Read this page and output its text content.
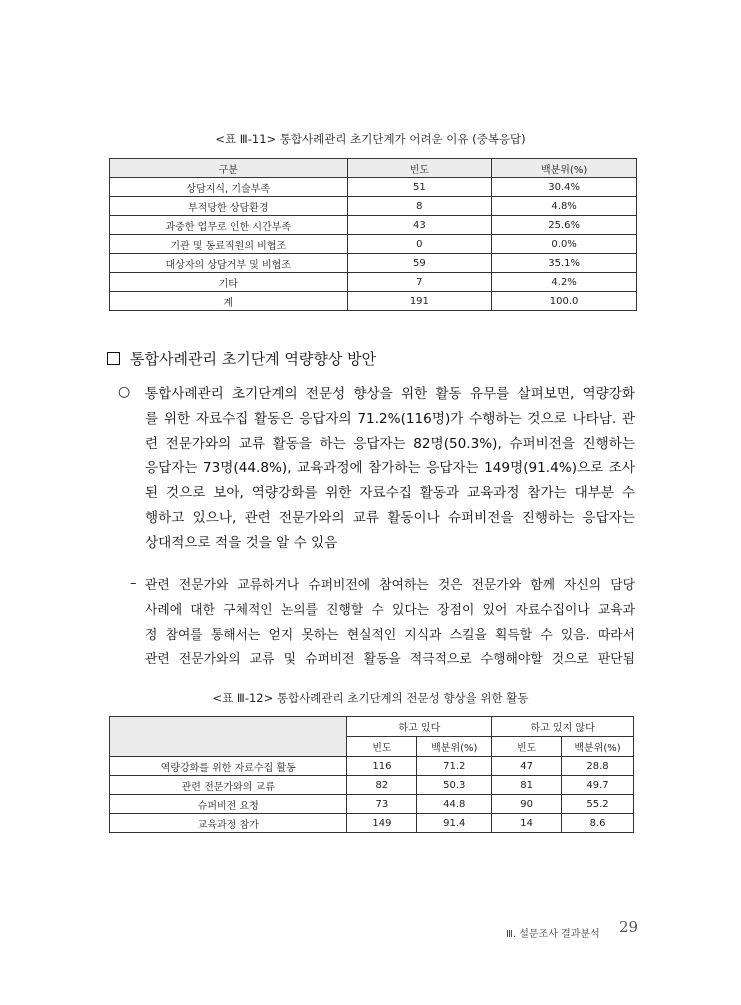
<표 Ⅲ-11> 통합사례관리 초기단계가 어려운 이유 (중복응답)
구분	빈도	백분위(%)
상담지식, 기술부족	51	30.4%
부적당한 상담환경	8	4.8%
과중한 업무로 인한 시간부족	43	25.6%
기관 및 동료직원의 비협조	0	0.0%
대상자의 상담거부 및 비협조	59	35.1%
기타	7	4.2%
계	191	100.0
통합사례관리 초기단계 역량향상 방안
○ 통합사례관리 초기단계의 전문성 향상을 위한 활동 유무를 살펴보면, 역량강화
를 위한 자료수집 활동은 응답자의 71.2%(116명)가 수행하는 것으로 나타남. 관
련 전문가와의 교류 활동을 하는 응답자는 82명(50.3%), 슈퍼비전을 진행하는
응답자는 73명(44.8%), 교육과정에 참가하는 응답자는 149명(91.4%)으로 조사
된 것으로 보아, 역량강화를 위한 자료수집 활동과 교육과정 참가는 대부분 수
행하고 있으나, 관련 전문가와의 교류 활동이나 슈퍼비전을 진행하는 응답자는
상대적으로 적을 것을 알 수 있음
– 관련 전문가와 교류하거나 슈퍼비전에 참여하는 것은 전문가와 함께 자신의 담당
사례에 대한 구체적인 논의를 진행할 수 있다는 장점이 있어 자료수집이나 교육과
정 참여를 통해서는 얻지 못하는 현실적인 지식과 스킬을 획득할 수 있음. 따라서
관련 전문가와의 교류 및 슈퍼비전 활동을 적극적으로 수행해야할 것으로 판단됨
<표 Ⅲ-12> 통합사례관리 초기단계의 전문성 향상을 위한 활동
	하고 있다		하고 있지 않다	
	빈도	백분위(%)	빈도	백분위(%)
역량강화를 위한 자료수집 활동	116	71.2	47	28.8
관련 전문가와의 교류	82	50.3	81	49.7
슈퍼비전 요청	73	44.8	90	55.2
교육과정 참가	149	91.4	14	8.6
Ⅲ. 설문조사 결과분석 29
